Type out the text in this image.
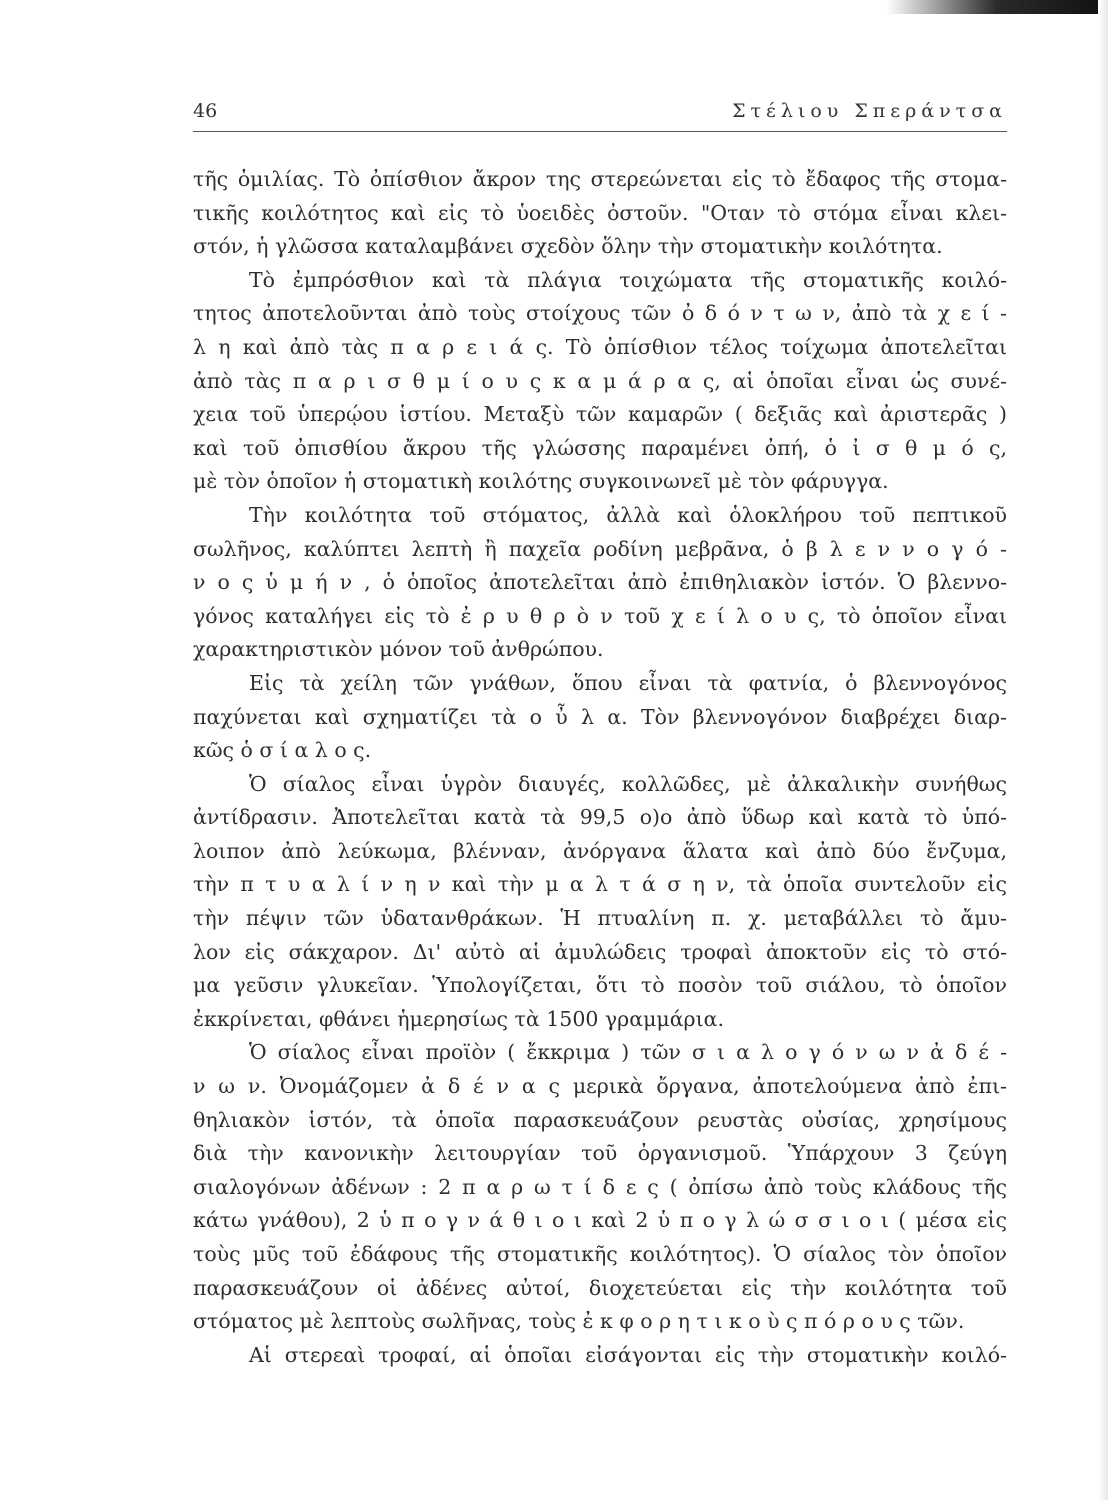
46	Στέλιου Σπεράντσα
τῆς ὁμιλίας. Τὸ ὀπίσθιον ἄκρον της στερεώνεται εἰς τὸ ἔδαφος τῆς στομα-
τικῆς κοιλότητος καὶ εἰς τὸ ὑοειδὲς ὀστοῦν. "Οταν τὸ στόμα εἶναι κλει-
στόν, ἡ γλῶσσα καταλαμβάνει σχεδὸν ὅλην τὴν στοματικὴν κοιλότητα.
Τὸ ἐμπρόσθιον καὶ τὰ πλάγια τοιχώματα τῆς στοματικῆς κοιλό-
τητος ἀποτελοῦνται ἀπὸ τοὺς στοίχους τῶν ὀ δ ό ν τ ω ν, ἀπὸ τὰ χ ε ί -
λ η καὶ ἀπὸ τὰς π α ρ ε ι ά ς. Τὸ ὀπίσθιον τέλος τοίχωμα ἀποτελεῖται
ἀπὸ τὰς π α ρ ι σ θ μ ί ο υ ς κ α μ ά ρ α ς, αἱ ὁποῖαι εἶναι ὡς συνέ-
χεια τοῦ ὑπερῴου ἱστίου. Μεταξὺ τῶν καμαρῶν ( δεξιᾶς καὶ ἀριστερᾶς )
καὶ τοῦ ὀπισθίου ἄκρου τῆς γλώσσης παραμένει ὀπή, ὁ ἰ σ θ μ ό ς,
μὲ τὸν ὁποῖον ἡ στοματικὴ κοιλότης συγκοινωνεῖ μὲ τὸν φάρυγγα.
Τὴν κοιλότητα τοῦ στόματος, ἀλλὰ καὶ ὁλοκλήρου τοῦ πεπτικοῦ
σωλῆνος, καλύπτει λεπτὴ ἢ παχεῖα ροδίνη μεβρᾶνα, ὁ β λ ε ν ν ο γ ό -
ν ο ς ὑ μ ή ν , ὁ ὁποῖος ἀποτελεῖται ἀπὸ ἐπιθηλιακὸν ἱστόν. Ὁ βλεννο-
γόνος καταλήγει εἰς τὸ ἐ ρ υ θ ρ ὸ ν τοῦ χ ε ί λ ο υ ς, τὸ ὁποῖον εἶναι
χαρακτηριστικὸν μόνον τοῦ ἀνθρώπου.
Εἰς τὰ χείλη τῶν γνάθων, ὅπου εἶναι τὰ φατνία, ὁ βλεννογόνος
παχύνεται καὶ σχηματίζει τὰ ο ὖ λ α. Τὸν βλεννογόνον διαβρέχει διαρ-
κῶς ὁ σ ί α λ ο ς.
Ὁ σίαλος εἶναι ὑγρὸν διαυγές, κολλῶδες, μὲ ἀλκαλικὴν συνήθως
ἀντίδρασιν. Ἀποτελεῖται κατὰ τὰ 99,5 ο)ο ἀπὸ ὕδωρ καὶ κατὰ τὸ ὑπό-
λοιπον ἀπὸ λεύκωμα, βλένναν, ἀνόργανα ἅλατα καὶ ἀπὸ δύο ἔνζυμα,
τὴν π τ υ α λ ί ν η ν καὶ τὴν μ α λ τ ά σ η ν, τὰ ὁποῖα συντελοῦν εἰς
τὴν πέψιν τῶν ὑδατανθράκων. Ἡ πτυαλίνη π. χ. μεταβάλλει τὸ ἄμυ-
λον εἰς σάκχαρον. Δι' αὐτὸ αἱ ἀμυλώδεις τροφαὶ ἀποκτοῦν εἰς τὸ στό-
μα γεῦσιν γλυκεῖαν. Ὑπολογίζεται, ὅτι τὸ ποσὸν τοῦ σιάλου, τὸ ὁποῖον
ἐκκρίνεται, φθάνει ἡμερησίως τὰ 1500 γραμμάρια.
Ὁ σίαλος εἶναι προϊὸν ( ἔκκριμα ) τῶν σ ι α λ ο γ ό ν ω ν ἀ δ έ -
ν ω ν. Ὀνομάζομεν ἀ δ έ ν α ς μερικὰ ὄργανα, ἀποτελούμενα ἀπὸ ἐπι-
θηλιακὸν ἱστόν, τὰ ὁποῖα παρασκευάζουν ρευστὰς οὐσίας, χρησίμους
διὰ τὴν κανονικὴν λειτουργίαν τοῦ ὀργανισμοῦ. Ὑπάρχουν 3 ζεύγη
σιαλογόνων ἀδένων : 2 π α ρ ω τ ί δ ε ς ( ὀπίσω ἀπὸ τοὺς κλάδους τῆς
κάτω γνάθου), 2 ὑ π ο γ ν ά θ ι ο ι καὶ 2 ὑ π ο γ λ ώ σ σ ι ο ι ( μέσα εἰς
τοὺς μῦς τοῦ ἐδάφους τῆς στοματικῆς κοιλότητος). Ὁ σίαλος τὸν ὁποῖον
παρασκευάζουν οἱ ἀδένες αὐτοί, διοχετεύεται εἰς τὴν κοιλότητα τοῦ
στόματος μὲ λεπτοὺς σωλῆνας, τοὺς ἐ κ φ ο ρ η τ ι κ ο ὺ ς π ό ρ ο υ ς τῶν.
Αἱ στερεαὶ τροφαί, αἱ ὁποῖαι εἰσάγονται εἰς τὴν στοματικὴν κοιλό-
